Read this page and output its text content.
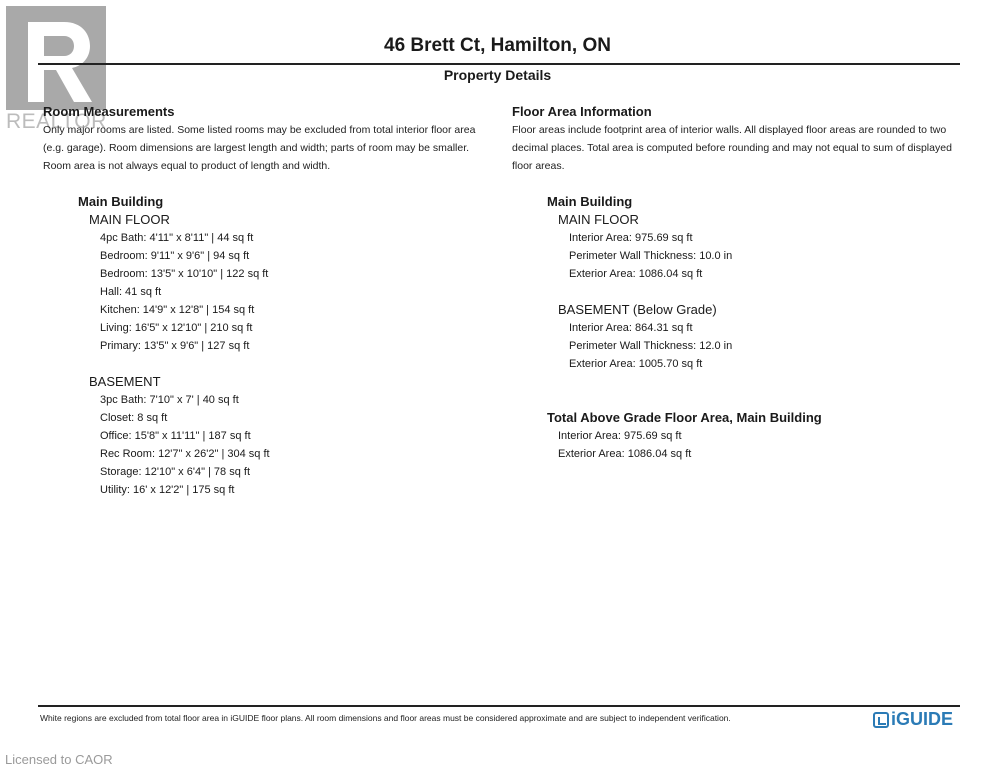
REALTOR

46 Brett Ct, Hamilton, ON
Property Details
Room Measurements

Only major rooms are listed. Some listed rooms may be excluded from total interior floor area (e.g. garage). Room dimensions are largest length and width; parts of room may be smaller. Room area is not always equal to product of length and width.

Main Building
MAIN FLOOR
4pc Bath: 4'11" x 8'11" | 44 sq ft
Bedroom: 9'11" x 9'6" | 94 sq ft
Bedroom: 13'5" x 10'10" | 122 sq ft
Hall: 41 sq ft
Kitchen: 14'9" x 12'8" | 154 sq ft
Living: 16'5" x 12'10" | 210 sq ft
Primary: 13'5" x 9'6" | 127 sq ft
BASEMENT
3pc Bath: 7'10" x 7' | 40 sq ft
Closet: 8 sq ft
Office: 15'8" x 11'11" | 187 sq ft
Rec Room: 12'7" x 26'2" | 304 sq ft
Storage: 12'10" x 6'4" | 78 sq ft
Utility: 16' x 12'2" | 175 sq ft
Floor Area Information

Floor areas include footprint area of interior walls. All displayed floor areas are rounded to two decimal places. Total area is computed before rounding and may not equal to sum of displayed floor areas.

Main Building
MAIN FLOOR
Interior Area: 975.69 sq ft
Perimeter Wall Thickness: 10.0 in
Exterior Area: 1086.04 sq ft
BASEMENT (Below Grade)
Interior Area: 864.31 sq ft
Perimeter Wall Thickness: 12.0 in
Exterior Area: 1005.70 sq ft
Total Above Grade Floor Area, Main Building
Interior Area: 975.69 sq ft
Exterior Area: 1086.04 sq ft

White regions are excluded from total floor area in iGUIDE floor plans. All room dimensions and floor areas must be considered approximate and are subject to independent verification.	iGUIDE

Licensed to CAOR
